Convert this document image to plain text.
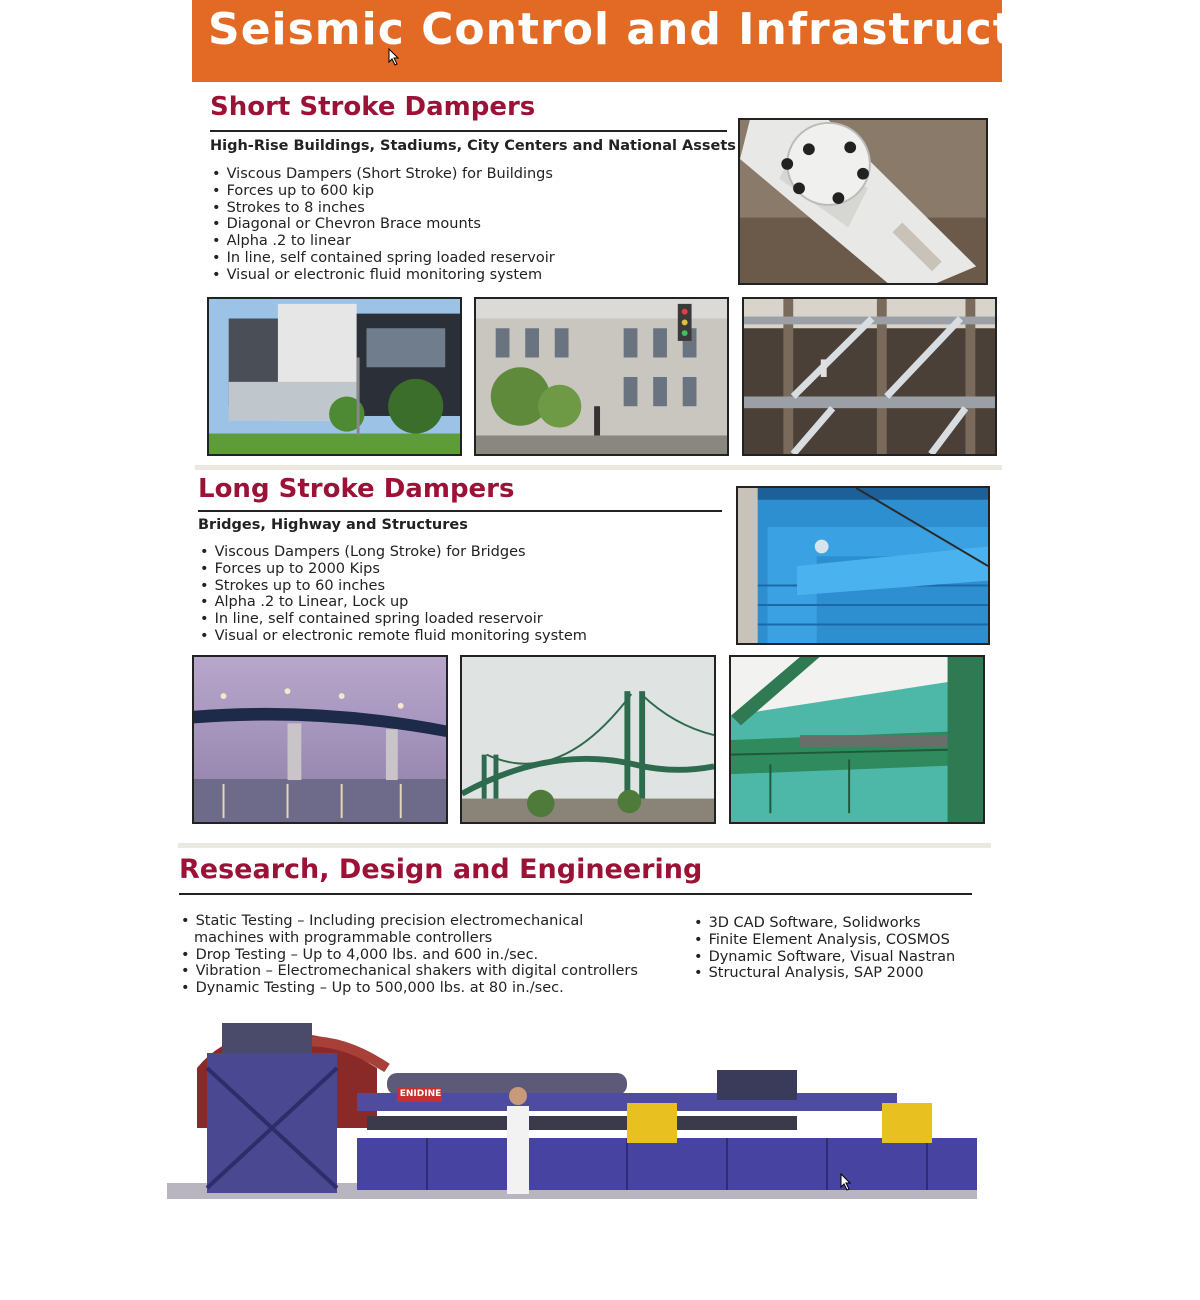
Seismic Control and Infrastructure
Short Stroke Dampers
High-Rise Buildings, Stadiums, City Centers and National Assets
• Viscous Dampers (Short Stroke) for Buildings
• Forces up to 600 kip
• Strokes to 8 inches
• Diagonal or Chevron Brace mounts
• Alpha .2 to linear
• In line, self contained spring loaded reservoir
• Visual or electronic fluid monitoring system
Long Stroke Dampers
Bridges, Highway and Structures
• Viscous Dampers (Long Stroke) for Bridges
• Forces up to 2000 Kips
• Strokes up to 60 inches
• Alpha .2 to Linear, Lock up
• In line, self contained spring loaded reservoir
• Visual or electronic remote fluid monitoring system
Research, Design and Engineering
• Static Testing – Including precision electromechanical
machines with programmable controllers
• Drop Testing – Up to 4,000 lbs. and 600 in./sec.
• Vibration – Electromechanical shakers with digital controllers
• Dynamic Testing – Up to 500,000 lbs. at 80 in./sec.
• 3D CAD Software, Solidworks
• Finite Element Analysis, COSMOS
• Dynamic Software, Visual Nastran
• Structural Analysis, SAP 2000
ENIDINE
